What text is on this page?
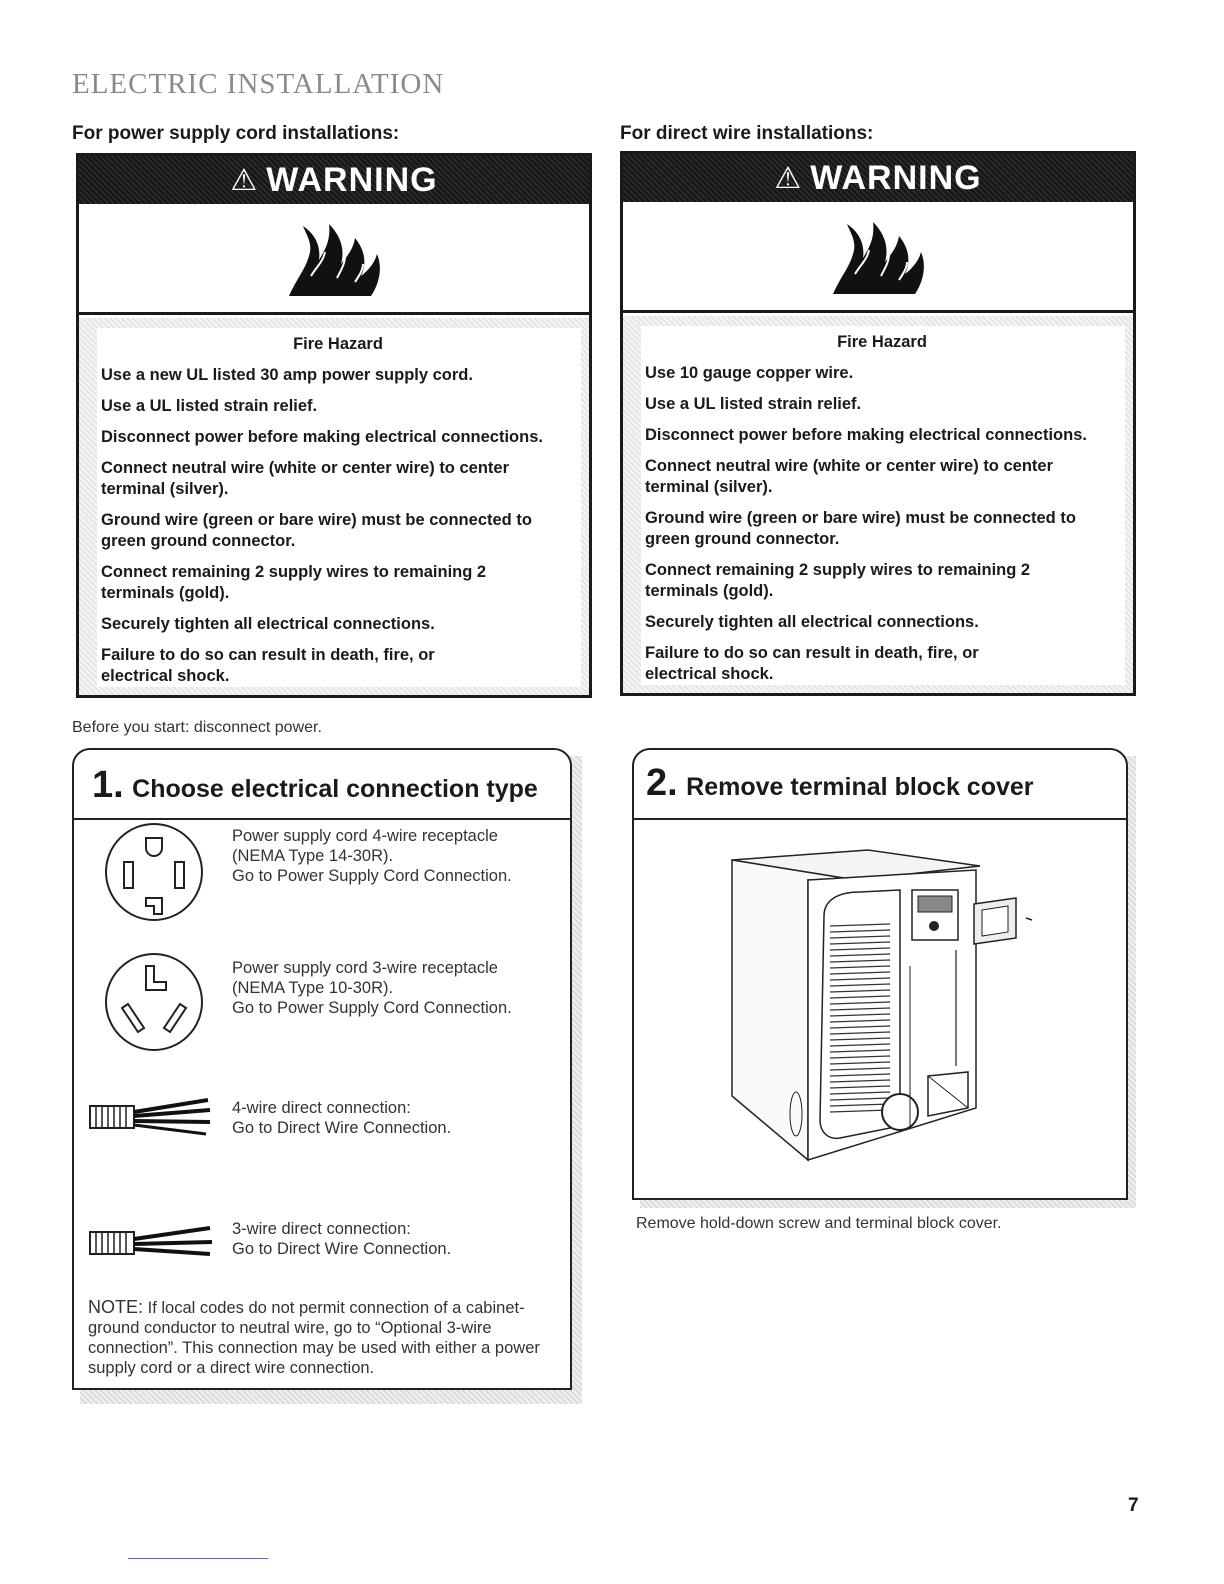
ELECTRIC INSTALLATION
For power supply cord installations:	For direct wire installations:
⚠ WARNING

Fire Hazard

Use a new UL listed 30 amp power supply cord.

Use a UL listed strain relief.

Disconnect power before making electrical connections.

Connect neutral wire (white or center wire) to center terminal (silver).

Ground wire (green or bare wire) must be connected to green ground connector.

Connect remaining 2 supply wires to remaining 2 terminals (gold).

Securely tighten all electrical connections.

Failure to do so can result in death, fire, or electrical shock.

⚠ WARNING

Fire Hazard

Use 10 gauge copper wire.

Use a UL listed strain relief.

Disconnect power before making electrical connections.

Connect neutral wire (white or center wire) to center terminal (silver).

Ground wire (green or bare wire) must be connected to green ground connector.

Connect remaining 2 supply wires to remaining 2 terminals (gold).

Securely tighten all electrical connections.

Failure to do so can result in death, fire, or electrical shock.

Before you start: disconnect power.

1. Choose electrical connection type
Power supply cord 4-wire receptacle
(NEMA Type 14-30R).
Go to Power Supply Cord Connection.
Power supply cord 3-wire receptacle
(NEMA Type 10-30R).
Go to Power Supply Cord Connection.
4-wire direct connection:
Go to Direct Wire Connection.
3-wire direct connection:
Go to Direct Wire Connection.
NOTE: If local codes do not permit connection of a cabinet-ground conductor to neutral wire, go to “Optional 3-wire connection”. This connection may be used with either a power supply cord or a direct wire connection.
2. Remove terminal block cover

Remove hold-down screw and terminal block cover.

7
